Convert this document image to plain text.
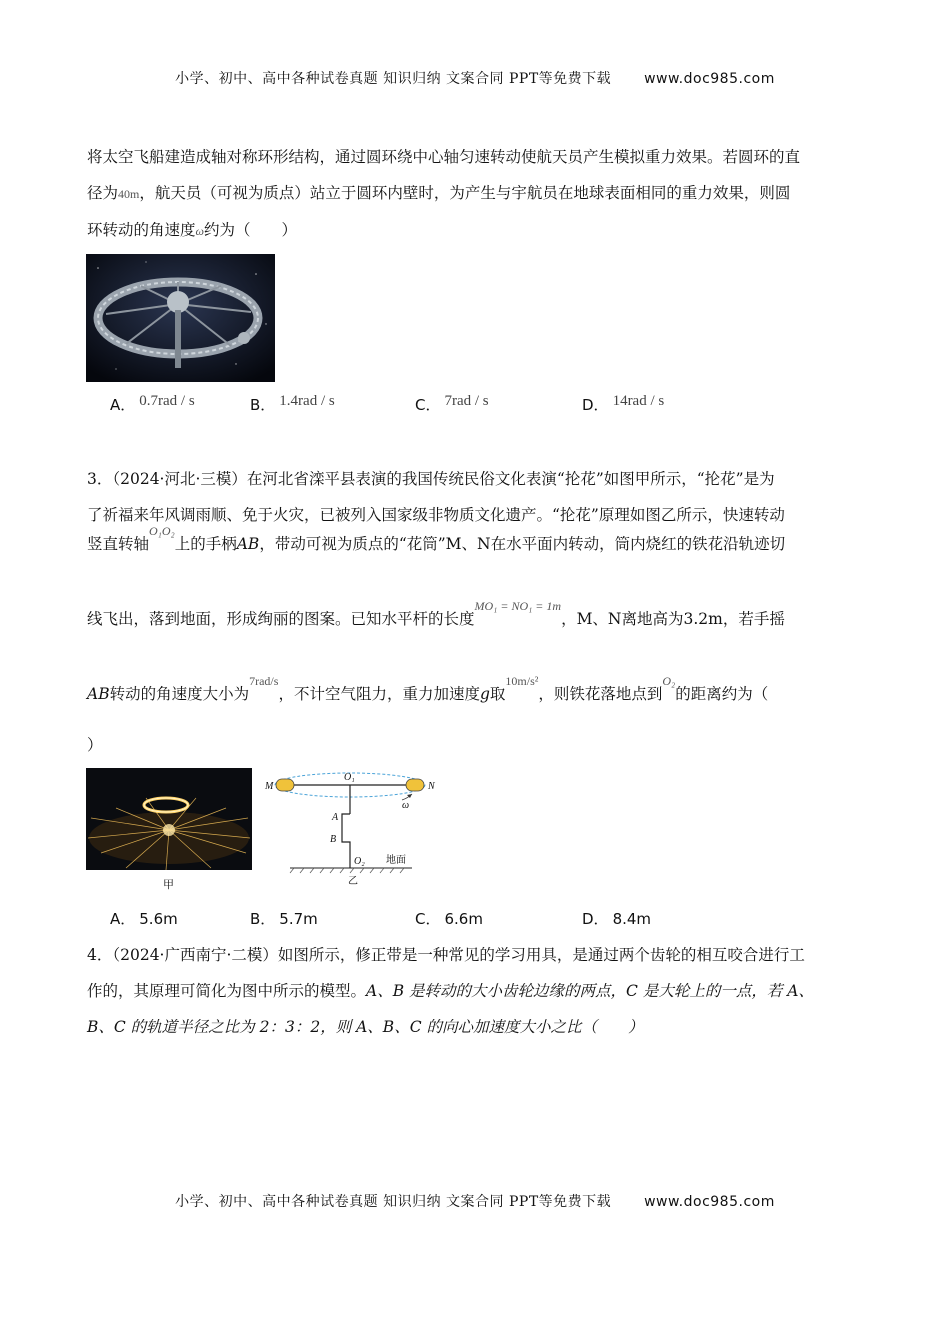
小学、初中、高中各种试卷真题 知识归纳 文案合同 PPT等免费下载 www.doc985.com
将太空飞船建造成轴对称环形结构，通过圆环绕中心轴匀速转动使航天员产生模拟重力效果。若圆环的直
径为40m，航天员（可视为质点）站立于圆环内壁时，为产生与宇航员在地球表面相同的重力效果，则圆
环转动的角速度ω约为（　　）
A． 0.7rad / s	B． 1.4rad / s	C． 7rad / s	D． 14rad / s
3．（2024·河北·三模）在河北省滦平县表演的我国传统民俗文化表演“抡花”如图甲所示，“抡花”是为
了祈福来年风调雨顺、免于火灾，已被列入国家级非物质文化遗产。“抡花”原理如图乙所示，快速转动
竖直转轴$^{O_1O_2}$上的手柄AB，带动可视为质点的“花筒”M、N在水平面内转动，筒内烧红的铁花沿轨迹切
线飞出，落到地面，形成绚丽的图案。已知水平杆的长度$^{MO_1 = NO_1 = 1m}$，M、N离地高为3.2m，若手摇
AB转动的角速度大小为$^{7rad/s}$，不计空气阻力，重力加速度g取$^{10m/s^2}$，则铁花落地点到$^{O_2}$的距离约为（
）
甲
M	N
O₁
A
B
O₂
ω
地面
乙
A． 5.6m	B． 5.7m	C． 6.6m	D． 8.4m
4．（2024·广西南宁·二模）如图所示，修正带是一种常见的学习用具，是通过两个齿轮的相互咬合进行工
作的，其原理可简化为图中所示的模型。A、B 是转动的大小齿轮边缘的两点，C 是大轮上的一点，若 A、
B、C 的轨道半径之比为 2：3：2，则 A、B、C 的向心加速度大小之比（　　）
小学、初中、高中各种试卷真题 知识归纳 文案合同 PPT等免费下载 www.doc985.com
